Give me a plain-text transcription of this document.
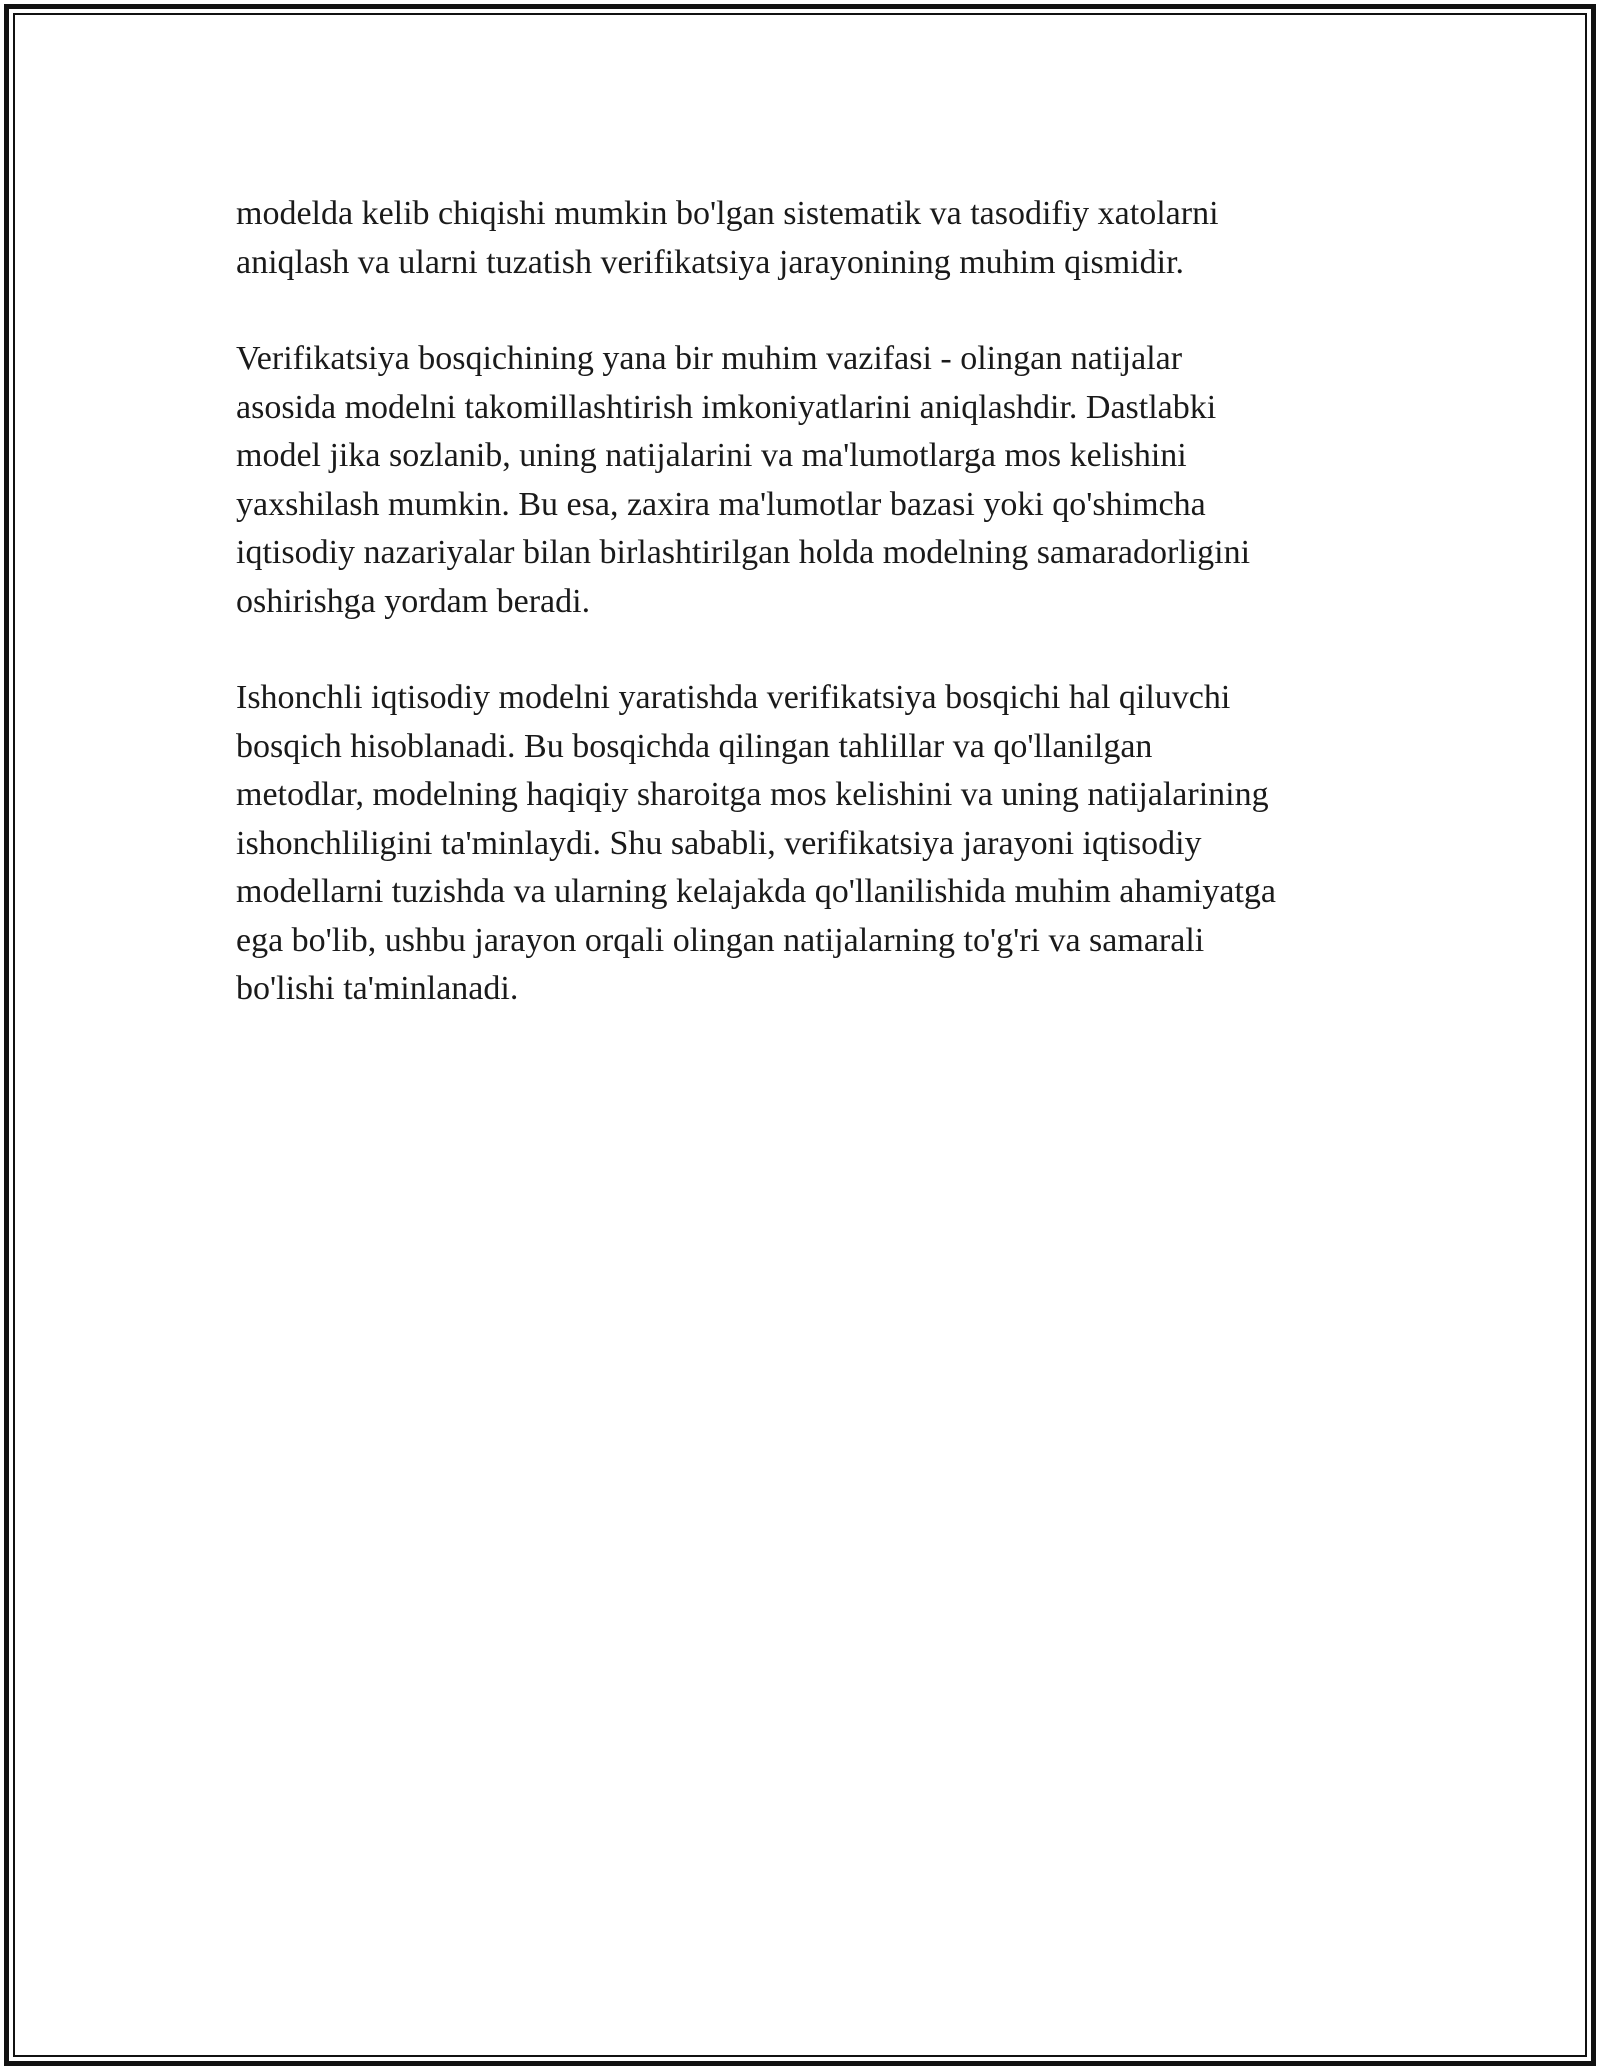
modelda kelib chiqishi mumkin bo'lgan sistematik va tasodifiy xatolarni
aniqlash va ularni tuzatish verifikatsiya jarayonining muhim qismidir.

Verifikatsiya bosqichining yana bir muhim vazifasi - olingan natijalar
asosida modelni takomillashtirish imkoniyatlarini aniqlashdir. Dastlabki
model jika sozlanib, uning natijalarini va ma'lumotlarga mos kelishini
yaxshilash mumkin. Bu esa, zaxira ma'lumotlar bazasi yoki qo'shimcha
iqtisodiy nazariyalar bilan birlashtirilgan holda modelning samaradorligini
oshirishga yordam beradi.

Ishonchli iqtisodiy modelni yaratishda verifikatsiya bosqichi hal qiluvchi
bosqich hisoblanadi. Bu bosqichda qilingan tahlillar va qo'llanilgan
metodlar, modelning haqiqiy sharoitga mos kelishini va uning natijalarining
ishonchliligini ta'minlaydi. Shu sababli, verifikatsiya jarayoni iqtisodiy
modellarni tuzishda va ularning kelajakda qo'llanilishida muhim ahamiyatga
ega bo'lib, ushbu jarayon orqali olingan natijalarning to'g'ri va samarali
bo'lishi ta'minlanadi.
